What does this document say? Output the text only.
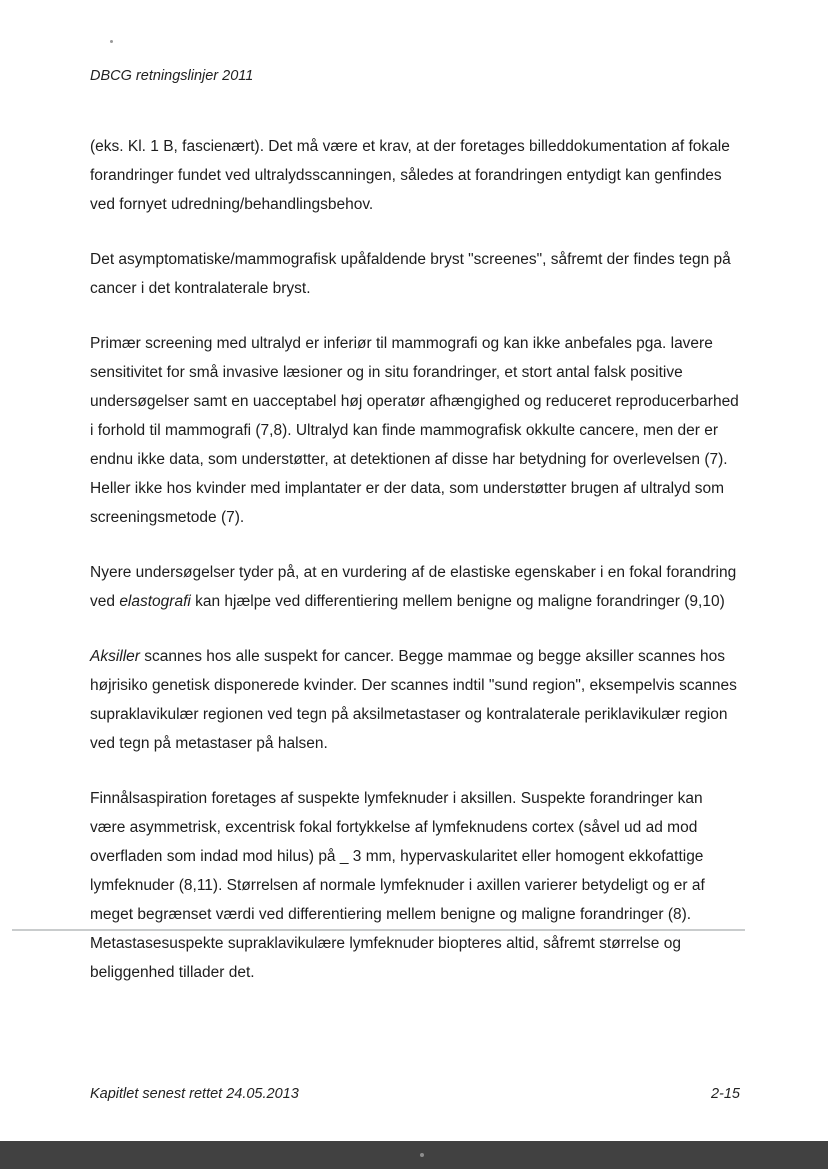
DBCG retningslinjer 2011

(eks. Kl. 1 B, fascienært). Det må være et krav, at der foretages billeddokumentation af fokale forandringer fundet ved ultralydsscanningen, således at forandringen entydigt kan genfindes ved fornyet udredning/behandlingsbehov.

Det asymptomatiske/mammografisk upåfaldende bryst "screenes", såfremt der findes tegn på cancer i det kontralaterale bryst.

Primær screening med ultralyd er inferiør til mammografi og kan ikke anbefales pga. lavere sensitivitet for små invasive læsioner og in situ forandringer, et stort antal falsk positive undersøgelser samt en uacceptabel høj operatør afhængighed og reduceret reproducerbarhed i forhold til mammografi (7,8). Ultralyd kan finde mammografisk okkulte cancere, men der er endnu ikke data, som understøtter, at detektionen af disse har betydning for overlevelsen (7). Heller ikke hos kvinder med implantater er der data, som understøtter brugen af ultralyd som screeningsmetode (7).

Nyere undersøgelser tyder på, at en vurdering af de elastiske egenskaber i en fokal forandring ved elastografi kan hjælpe ved differentiering mellem benigne og maligne forandringer (9,10)

Aksiller scannes hos alle suspekt for cancer. Begge mammae og begge aksiller scannes hos højrisiko genetisk disponerede kvinder. Der scannes indtil "sund region", eksempelvis scannes supraklavikulær regionen ved tegn på aksilmetastaser og kontralaterale periklavikulær region ved tegn på metastaser på halsen.

Finnålsaspiration foretages af suspekte lymfeknuder i aksillen. Suspekte forandringer kan være asymmetrisk, excentrisk fokal fortykkelse af lymfeknudens cortex (såvel ud ad mod overfladen som indad mod hilus) på _ 3 mm, hypervaskularitet eller homogent ekkofattige lymfeknuder (8,11). Størrelsen af normale lymfeknuder i axillen varierer betydeligt og er af meget begrænset værdi ved differentiering mellem benigne og maligne forandringer (8). Metastasesuspekte supraklavikulære lymfeknuder biopteres altid, såfremt størrelse og beliggenhed tillader det.

Kapitlet senest rettet 24.05.2013	2-15
